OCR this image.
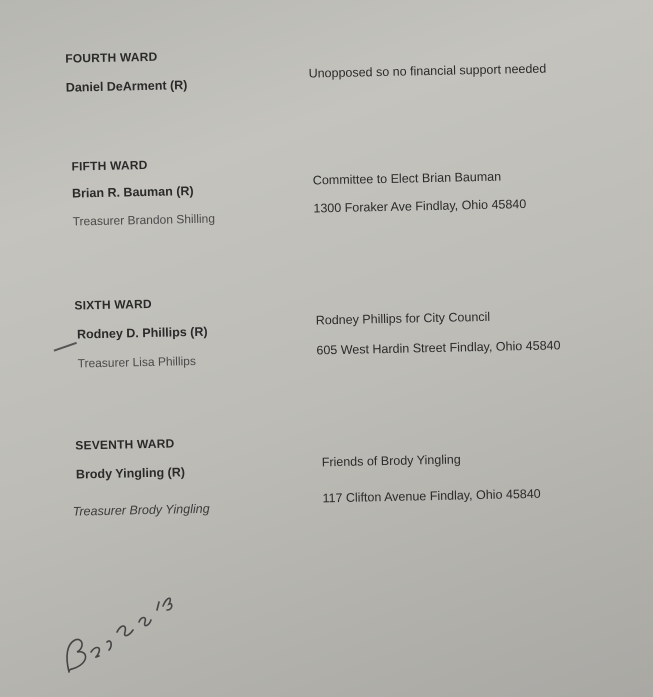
FOURTH WARD
Daniel DeArment (R)
Unopposed so no financial support needed
FIFTH WARD
Brian R. Bauman (R)
Committee to Elect Brian Bauman
Treasurer Brandon Shilling
1300 Foraker Ave Findlay, Ohio 45840
SIXTH WARD
Rodney D. Phillips (R)
Rodney Phillips for City Council
Treasurer Lisa Phillips
605 West Hardin Street Findlay, Ohio 45840
SEVENTH WARD
Brody Yingling (R)
Friends of Brody Yingling
Treasurer Brody Yingling
117 Clifton Avenue Findlay, Ohio 45840
